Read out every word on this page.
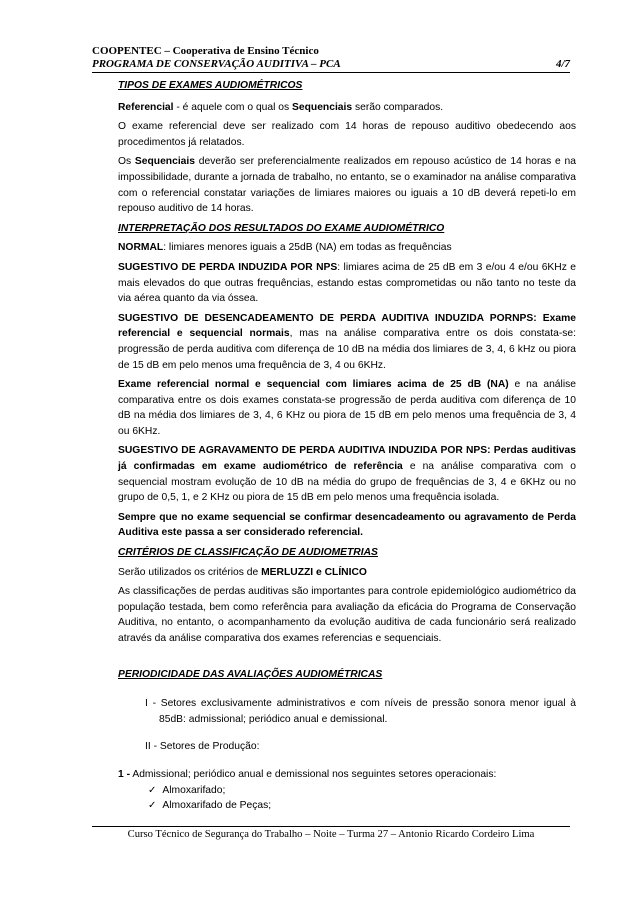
COOPENTEC – Cooperativa de Ensino Técnico
PROGRAMA DE CONSERVAÇÃO AUDITIVA – PCA	4/7

TIPOS DE EXAMES AUDIOMÉTRICOS

Referencial - é aquele com o qual os Sequenciais serão comparados.

O exame referencial deve ser realizado com 14 horas de repouso auditivo obedecendo aos procedimentos já relatados.

Os Sequenciais deverão ser preferencialmente realizados em repouso acústico de 14 horas e na impossibilidade, durante a jornada de trabalho, no entanto, se o examinador na análise comparativa com o referencial constatar variações de limiares maiores ou iguais a 10 dB deverá repeti-lo em repouso auditivo de 14 horas.

INTERPRETAÇÃO DOS RESULTADOS DO EXAME AUDIOMÉTRICO

NORMAL: limiares menores iguais a 25dB (NA) em todas as frequências

SUGESTIVO DE PERDA INDUZIDA POR NPS: limiares acima de 25 dB em 3 e/ou 4 e/ou 6KHz e mais elevados do que outras frequências, estando estas comprometidas ou não tanto no teste da via aérea quanto da via óssea.

SUGESTIVO DE DESENCADEAMENTO DE PERDA AUDITIVA INDUZIDA PORNPS: Exame referencial e sequencial normais, mas na análise comparativa entre os dois constata-se: progressão de perda auditiva com diferença de 10 dB na média dos limiares de 3, 4, 6 kHz ou piora de 15 dB em pelo menos uma frequência de 3, 4 ou 6KHz.

Exame referencial normal e sequencial com limiares acima de 25 dB (NA) e na análise comparativa entre os dois exames constata-se progressão de perda auditiva com diferença de 10 dB na média dos limiares de 3, 4, 6 KHz ou piora de 15 dB em pelo menos uma frequência de 3, 4 ou 6KHz.

SUGESTIVO DE AGRAVAMENTO DE PERDA AUDITIVA INDUZIDA POR NPS: Perdas auditivas já confirmadas em exame audiométrico de referência e na análise comparativa com o sequencial mostram evolução de 10 dB na média do grupo de frequências de 3, 4 e 6KHz ou no grupo de 0,5, 1, e 2 KHz ou piora de 15 dB em pelo menos uma frequência isolada.

Sempre que no exame sequencial se confirmar desencadeamento ou agravamento de Perda Auditiva este passa a ser considerado referencial.

CRITÉRIOS DE CLASSIFICAÇÃO DE AUDIOMETRIAS

Serão utilizados os critérios de MERLUZZI e CLÍNICO

As classificações de perdas auditivas são importantes para controle epidemiológico audiométrico da população testada, bem como referência para avaliação da eficácia do Programa de Conservação Auditiva, no entanto, o acompanhamento da evolução auditiva de cada funcionário será realizado através da análise comparativa dos exames referencias e sequenciais.

PERIODICIDADE DAS AVALIAÇÕES AUDIOMÉTRICAS

I - Setores exclusivamente administrativos e com níveis de pressão sonora menor igual à 85dB: admissional; periódico anual e demissional.

II - Setores de Produção:

1 - Admissional; periódico anual e demissional nos seguintes setores operacionais:

✓ Almoxarifado;
✓ Almoxarifado de Peças;
Curso Técnico de Segurança do Trabalho – Noite – Turma 27 – Antonio Ricardo Cordeiro Lima
